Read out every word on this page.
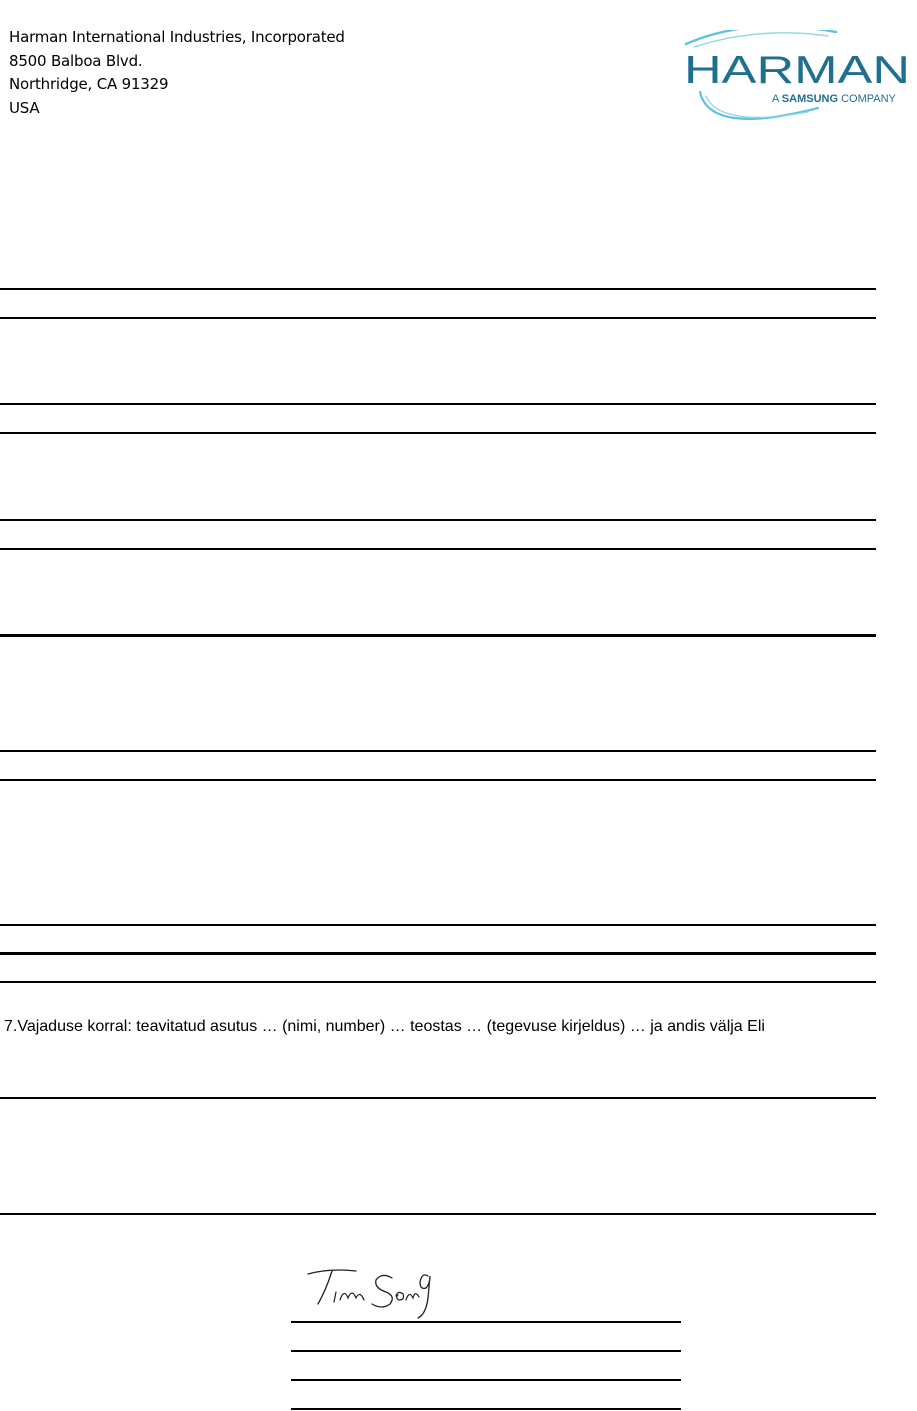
Harman International Industries, Incorporated
8500 Balboa Blvd.
Northridge, CA 91329
USA
HARMAN
A SAMSUNG COMPANY
7.Vajaduse korral: teavitatud asutus … (nimi, number) … teostas … (tegevuse kirjeldus) … ja andis välja Eli
